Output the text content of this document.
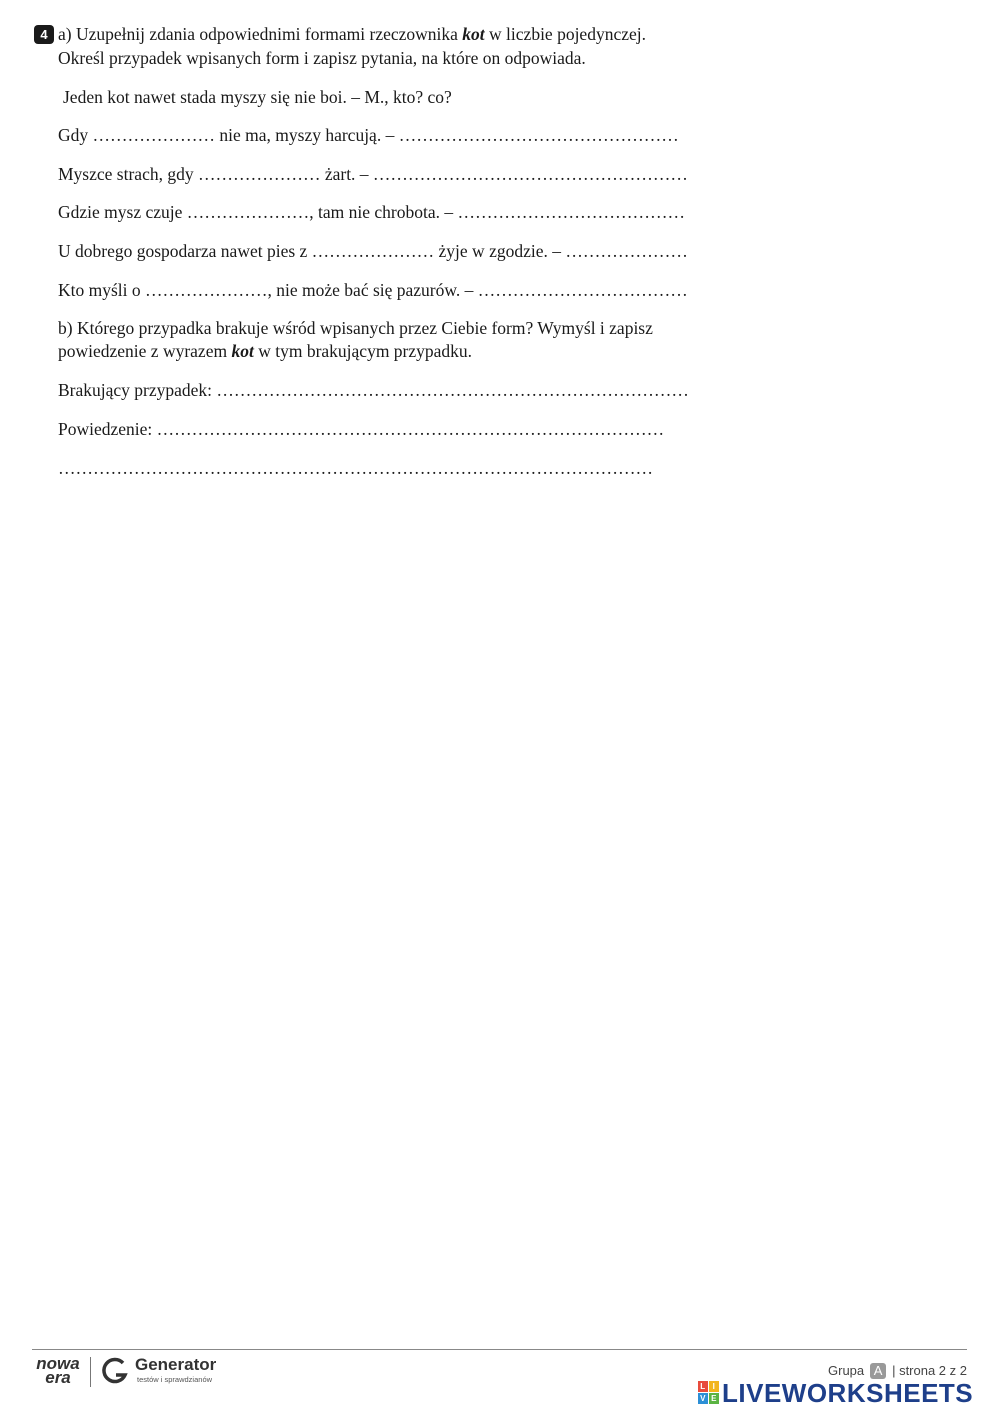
4 a) Uzupełnij zdania odpowiednimi formami rzeczownika kot w liczbie pojedynczej.
Określ przypadek wpisanych form i zapisz pytania, na które on odpowiada.
Jeden kot nawet stada myszy się nie boi. – M., kto? co?
Gdy ………………… nie ma, myszy harcują. – …………………………………………
Myszce strach, gdy ………………… żart. – ………………………………………………
Gdzie mysz czuje …………………, tam nie chrobota. – …………………………………
U dobrego gospodarza nawet pies z ………………… żyje w zgodzie. – …………………
Kto myśli o …………………, nie może bać się pazurów. – ………………………………
b) Którego przypadka brakuje wśród wpisanych przez Ciebie form? Wymyśl i zapisz
powiedzenie z wyrazem kot w tym brakującym przypadku.
Brakujący przypadek: ………………………………………………………………………
Powiedzenie: ……………………………………………………………………………
…………………………………………………………………………………………
nowa
era
Generator
testów i sprawdzianów
Grupa A | strona 2 z 2
L I
V E LIVEWORKSHEETS
